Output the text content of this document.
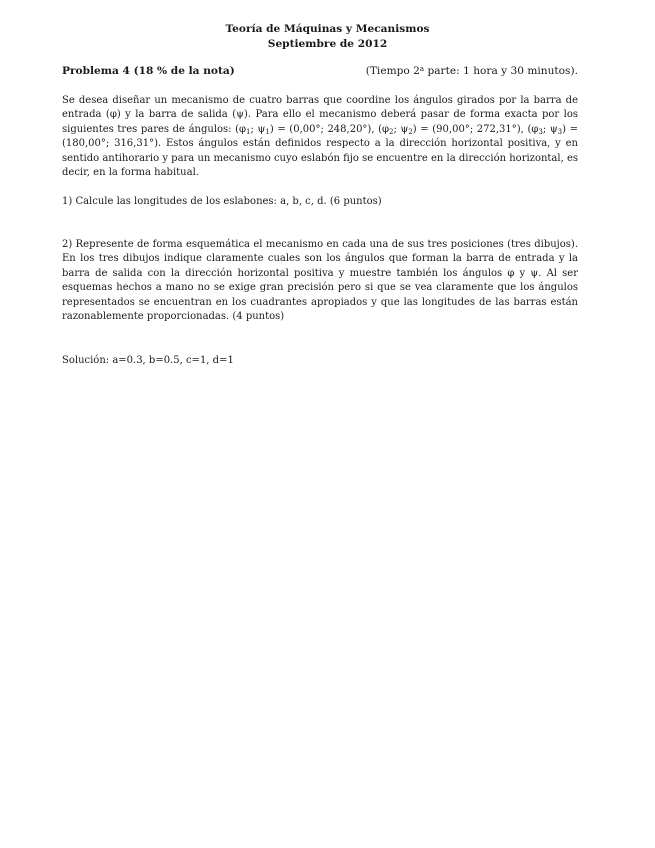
Teoría de Máquinas y Mecanismos
Septiembre de 2012
Problema 4 (18 % de la nota)	(Tiempo 2$^a$ parte: 1 hora y 30 minutos).
Se desea diseñar un mecanismo de cuatro barras que coordine los ángulos girados por la barra de entrada (φ) y la barra de salida (ψ). Para ello el mecanismo deberá pasar de forma exacta por los siguientes tres pares de ángulos: ($\varphi_1$; $\psi_1) = (0,00^\circ$; 248,20°), ($\varphi_2$; $\psi_2) = (90,00^\circ$; 272,31°), ($\varphi_3$; $\psi_3) = (180,00^\circ$; 316,31°). Estos ángulos están definidos respecto a la dirección horizontal positiva, y en sentido antihorario y para un mecanismo cuyo eslabón fijo se encuentre en la dirección horizontal, es decir, en la forma habitual.
1) Calcule las longitudes de los eslabones: a, b, c, d. (6 puntos)
2) Represente de forma esquemática el mecanismo en cada una de sus tres posiciones (tres dibujos). En los tres dibujos indique claramente cuales son los ángulos que forman la barra de entrada y la barra de salida con la dirección horizontal positiva y muestre también los ángulos φ y ψ. Al ser esquemas hechos a mano no se exige gran precisión pero si que se vea claramente que los ángulos representados se encuentran en los cuadrantes apropiados y que las longitudes de las barras están razonablemente proporcionadas. (4 puntos)
Solución: a=0.3, b=0.5, c=1, d=1
